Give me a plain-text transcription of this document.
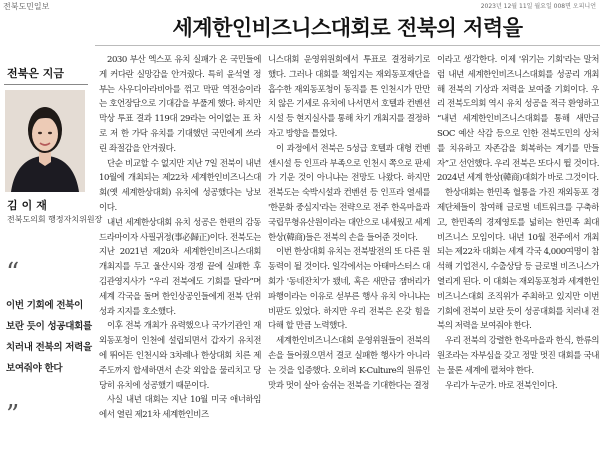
전북도민일보	2023년 12월 11일 월요일 008면 오피니언
세계한인비즈니스대회로 전북의 저력을
전북은 지금
김이재
전북도의회 행정자치위원장
“
이번 기회에 전북이 보란 듯이 성공대회를 치러내 전북의 저력을 보여줘야 한다
”

2030 부산 엑스포 유치 실패가 온 국민들에게 커다란 실망감을 안겨줬다. 특히 윤석열 정부는 사우디아라비아를 꺾고 막판 역전승이라는 호언장담으로 기대감을 부풀게 했다. 하지만 막상 투표 결과 119대 29라는 어이없는 표 차로 저 한 가닥 유치를 기대했던 국민에게 쓰라린 좌절감을 안겨줬다.

단순 비교할 수 없지만 지난 7일 전북이 내년 10월에 개최되는 제22차 세계한인비즈니스대회(옛 세계한상대회) 유치에 성공했다는 낭보이다.

내년 세계한상대회 유치 성공은 한편의 감동 드라마이자 사필귀정(事必歸正)이다. 전북도는 지난 2021년 제20차 세계한인비즈니스대회 개최지를 두고 울산시와 경쟁 끝에 실패한 후 김관영지사가 “우리 전북에도 기회를 달라”며 세계 각국을 돌며 한인상공인들에게 전북 단위성과 지지를 호소했다.

이후 전북 개최가 유력했으나 국가기관인 재외동포청이 인천에 설립되면서 갑자기 유치전에 뛰어든 인천시와 3차례나 한상대회 치른 제주도까지 합세하면서 손갖 외압을 물리치고 당당히 유치에 성공했기 때문이다.

사실 내년 대회는 지난 10월 미국 애너하임에서 열린 제21차 세계한인비즈

니스대회 운영위원회에서 투표로 결정하기로 했다. 그러나 대회를 책임지는 재외동포재단을 흡수한 재외동포청이 동직를 튼 인천시가 만만치 않은 기세로 유치에 나서면서 호텔과 컨벤션 시설 등 현지실사를 통해 차기 개최지를 결정하자고 방향을 틀었다.

이 과정에서 전북은 5성급 호텔과 대형 컨벤센시설 등 인프라 부족으로 인천시 쪽으로 판세가 기운 것이 아니냐는 전망도 나왔다. 하지만 전북도는 숙박시설과 컨벤션 등 인프라 열세를 '한문화 중심지'라는 전략으로 전주 한옥마을과 국립무형유산원이라는 대안으로 내세웠고 세계 한상(韓商)들은 전북의 손을 들어준 것이다.

이번 한상대회 유치는 전북발전의 또 다른 원동력이 될 것이다. 일각에서는 아태마스터스 대회가 '동네잔치'가 됐네, 혹은 새만금 잼버리가 파행이라는 이유로 섣부른 행사 유치 아니냐는 비판도 있었다. 하지만 우리 전북은 온갖 힘을 다해 할 만큼 노력했다.

세계한인비즈니스대회 운영위원들이 전북의 손을 들어줬으면서 결코 실패한 행사가 아니라는 것을 입증했다. 오히려 K-Culture의 원류인 맛과 멋이 살아 숨쉬는 전북을 기대한다는 결정

이라고 생각한다. 이제 '위기는 기회'라는 말처럼 내년 세계한인비즈니스대회를 성공리 개최해 전북의 기상과 저력을 보여줄 기회이다. 우리 전북도의회 역시 유치 성공을 적극 환영하고 “내년 세계한인비즈니스대회를 통해 새만금 SOC 예산 삭감 등으로 인한 전북도민의 상처를 치유하고 자존감을 회복하는 계기를 만들자”고 선언했다. 우리 전북은 또다시 뛸 것이다. 2024년 세계 한상(韓商)대회가 바로 그것이다.

한상대회는 한민족 혈통을 가진 재외동포 경제단체들이 참여해 글로벌 네트워크를 구축하고, 한민족의 경제영토를 넓히는 한민족 최대 비즈니스 모임이다. 내년 10월 전주에서 개최되는 제22차 대회는 세계 각국 4,000여명이 참석해 기업전시, 수출상담 등 글로벌 비즈니스가 열리게 된다. 이 대회는 재외동포청과 세계한인비즈니스대회 조직위가 주최하고 있지만 이번 기회에 전북이 보란 듯이 성공대회를 치러내 전북의 저력을 보여줘야 한다.

우리 전북의 강렬한 한옥마을과 한식, 한류의 원조라는 자부심을 갖고 정말 멋진 대회를 국내는 물론 세계에 펼쳐야 한다.

우리가 누군가. 바로 전북인이다.
